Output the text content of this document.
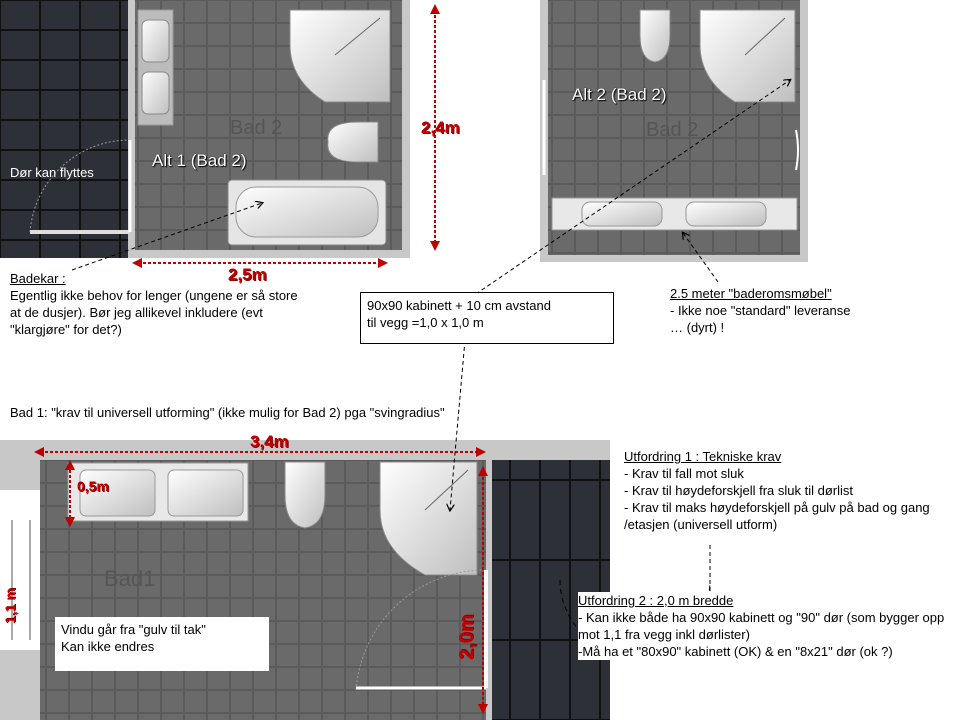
Bad 2	Bad 2
Bad1
Alt 1 (Bad 2)
Alt 2 (Bad 2)
Dør kan flyttes
2,4m
2,5m
3,4m
0,5m
1,1 m
2,0m
Badekar :
Egentlig ikke behov for lenger (ungene er så store at de dusjer). Bør jeg allikevel inkludere (evt "klargjøre" for det?)
90x90 kabinett + 10 cm avstand
til vegg =1,0 x 1,0 m
2.5 meter "baderomsmøbel"
- Ikke noe "standard" leveranse
… (dyrt) !
Bad 1: "krav til universell utforming" (ikke mulig for Bad 2) pga "svingradius"
Vindu går fra "gulv til tak"
Kan ikke endres
Utfordring 1 : Tekniske krav
- Krav til fall mot sluk
- Krav til høydeforskjell fra sluk til dørlist
- Krav til maks høydeforskjell på gulv på bad og gang /etasjen (universell utform)
Utfordring 2 : 2,0 m bredde
- Kan ikke både ha 90x90 kabinett og "90" dør (som bygger opp mot 1,1 fra vegg inkl dørlister)
-Må ha et "80x90" kabinett (OK) & en "8x21" dør (ok ?)
